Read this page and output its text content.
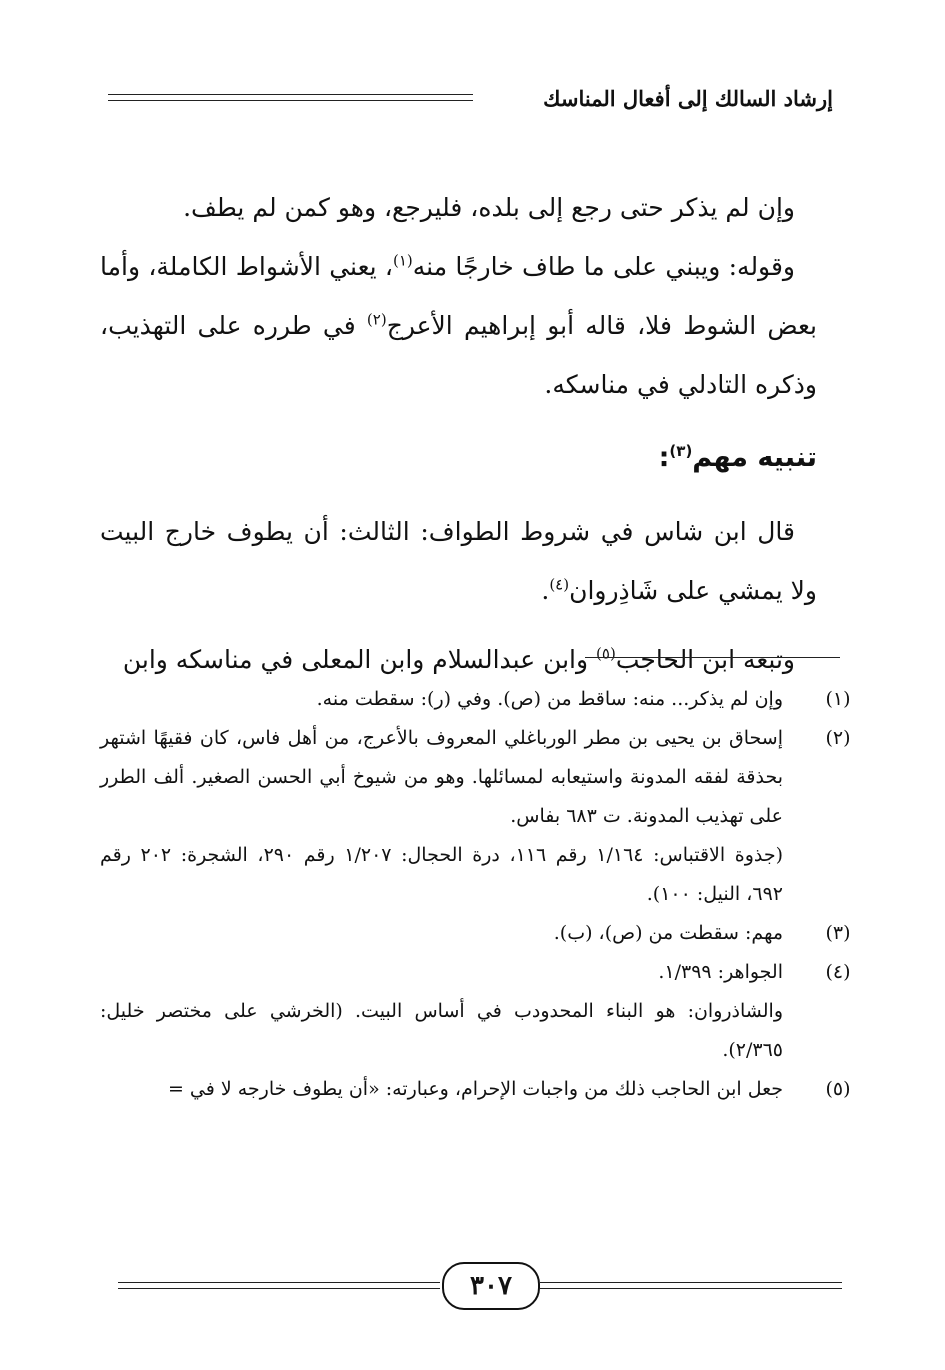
إرشاد السالك إلى أفعال المناسك

وإن لم يذكر حتى رجع إلى بلده، فليرجع، وهو كمن لم يطف.

وقوله: ويبني على ما طاف خارجًا منه$^{(١)}$، يعني الأشواط الكاملة، وأما بعض الشوط فلا، قاله أبو إبراهيم الأعرج$^{(٢)}$ في طرره على التهذيب، وذكره التادلي في مناسكه.

تنبيه مهم$^{(٣)}$:

قال ابن شاس في شروط الطواف: الثالث: أن يطوف خارج البيت ولا يمشي على شَاذِروان$^{(٤)}$.

وتبعه ابن الحاجب$^{(٥)}$ وابن عبدالسلام وابن المعلى في مناسكه وابن

(١)
وإن لم يذكر... منه: ساقط من (ص). وفي (ر): سقطت منه.
(٢)
إسحاق بن يحيى بن مطر الورباغلي المعروف بالأعرج، من أهل فاس، كان فقيهًا اشتهر بحذقة لفقه المدونة واستيعابه لمسائلها. وهو من شيوخ أبي الحسن الصغير. ألف الطرر على تهذيب المدونة. ت ٦٨٣ بفاس.
(جذوة الاقتباس: ١/١٦٤ رقم ١١٦، درة الحجال: ١/٢٠٧ رقم ٢٩٠، الشجرة: ٢٠٢ رقم ٦٩٢، النيل: ١٠٠).
(٣)
مهم: سقطت من (ص)، (ب).
(٤)
الجواهر: ١/٣٩٩.
والشاذروان: هو البناء المحدودب في أساس البيت. (الخرشي على مختصر خليل: ٢/٣٦٥).
(٥)
جعل ابن الحاجب ذلك من واجبات الإحرام، وعبارته: «أن يطوف خارجه لا في =
٣٠٧
